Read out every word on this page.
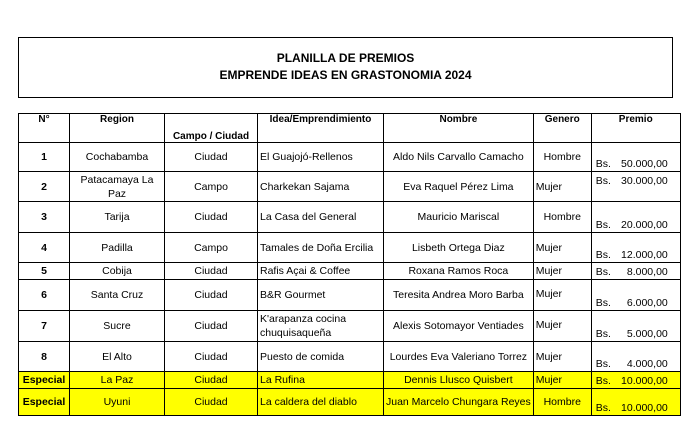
PLANILLA DE PREMIOS
EMPRENDE IDEAS EN GRASTONOMIA 2024
N°	Region	Campo / Ciudad	Idea/Emprendimiento	Nombre	Genero	Premio
1	Cochabamba	Ciudad	El Guajojó-Rellenos	Aldo Nils Carvallo Camacho	Hombre	Bs. 50.000,00

2	Patacamaya La Paz	Campo	Charkekan Sajama	Eva Raquel Pérez Lima	Mujer	Bs. 30.000,00

3	Tarija	Ciudad	La Casa del General	Mauricio Mariscal	Hombre	Bs. 20.000,00

4	Padilla	Campo	Tamales de Doña Ercilia	Lisbeth Ortega Diaz	Mujer	Bs. 12.000,00

5	Cobija	Ciudad	Rafis Açai & Coffee	Roxana Ramos Roca	Mujer	Bs. 8.000,00

6	Santa Cruz	Ciudad	B&R Gourmet	Teresita Andrea Moro Barba	Mujer	Bs. 6.000,00

7	Sucre	Ciudad	K'arapanza cocina chuquisaqueña	Alexis Sotomayor Ventiades	Mujer	Bs. 5.000,00

8	El Alto	Ciudad	Puesto de comida	Lourdes Eva Valeriano Torrez	Mujer	Bs. 4.000,00

Especial	La Paz	Ciudad	La Rufina	Dennis Llusco Quisbert	Mujer	Bs. 10.000,00

Especial	Uyuni	Ciudad	La caldera del diablo	Juan Marcelo Chungara Reyes	Hombre	Bs. 10.000,00
